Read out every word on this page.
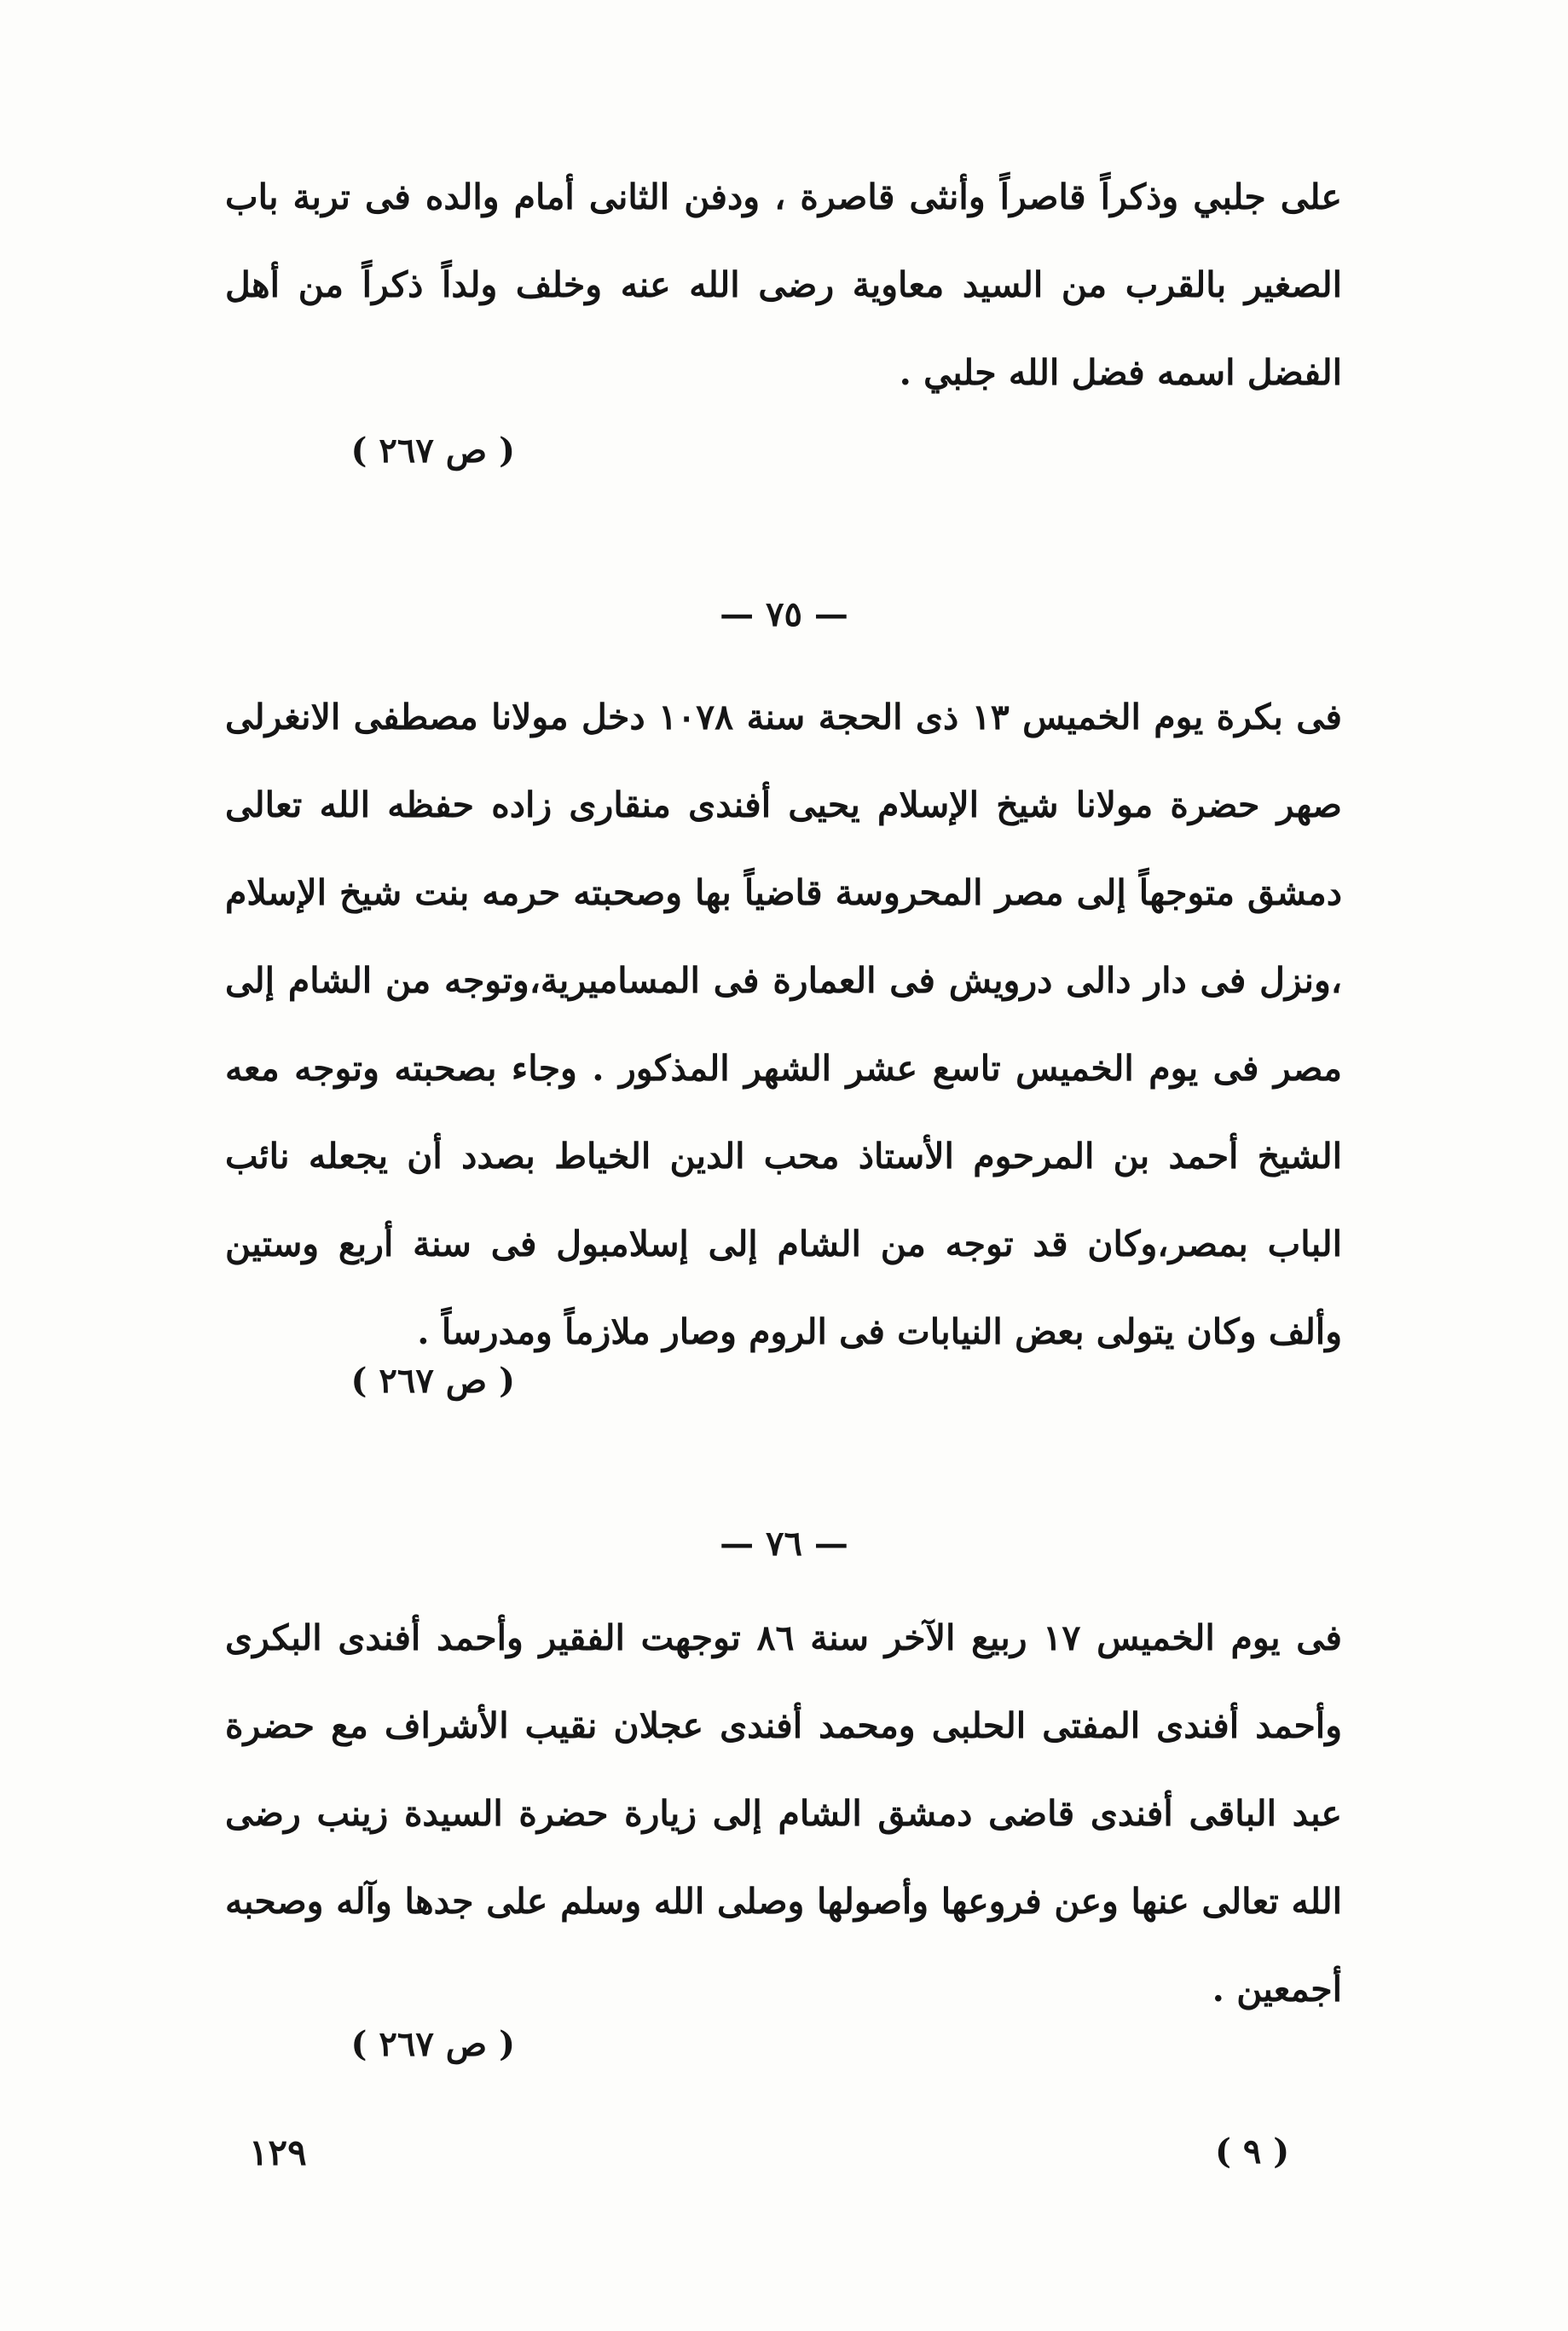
على جلبي وذكراً قاصراً وأنثى قاصرة ، ودفن الثانى أمام والده فى تربة باب الصغير بالقرب من السيد معاوية رضى الله عنه وخلف ولداً ذكراً من أهل الفضل اسمه فضل الله جلبي .

( ص ٢٦٧ )
— ٧٥ —

فى بكرة يوم الخميس ١٣ ذى الحجة سنة ١٠٧٨ دخل مولانا مصطفى الانغرلى صهر حضرة مولانا شيخ الإسلام يحيى أفندى منقارى زاده حفظه الله تعالى دمشق متوجهاً إلى مصر المحروسة قاضياً بها وصحبته حرمه بنت شيخ الإسلام ،ونزل فى دار دالى درويش فى العمارة فى المساميرية،وتوجه من الشام إلى مصر فى يوم الخميس تاسع عشر الشهر المذكور . وجاء بصحبته وتوجه معه الشيخ أحمد بن المرحوم الأستاذ محب الدين الخياط بصدد أن يجعله نائب الباب بمصر،وكان قد توجه من الشام إلى إسلامبول فى سنة أربع وستين وألف وكان يتولى بعض النيابات فى الروم وصار ملازماً ومدرساً .

( ص ٢٦٧ )
— ٧٦ —

فى يوم الخميس ١٧ ربيع الآخر سنة ٨٦ توجهت الفقير وأحمد أفندى البكرى وأحمد أفندى المفتى الحلبى ومحمد أفندى عجلان نقيب الأشراف مع حضرة عبد الباقى أفندى قاضى دمشق الشام إلى زيارة حضرة السيدة زينب رضى الله تعالى عنها وعن فروعها وأصولها وصلى الله وسلم على جدها وآله وصحبه أجمعين .

( ص ٢٦٧ )
١٢٩	( ٩ )
